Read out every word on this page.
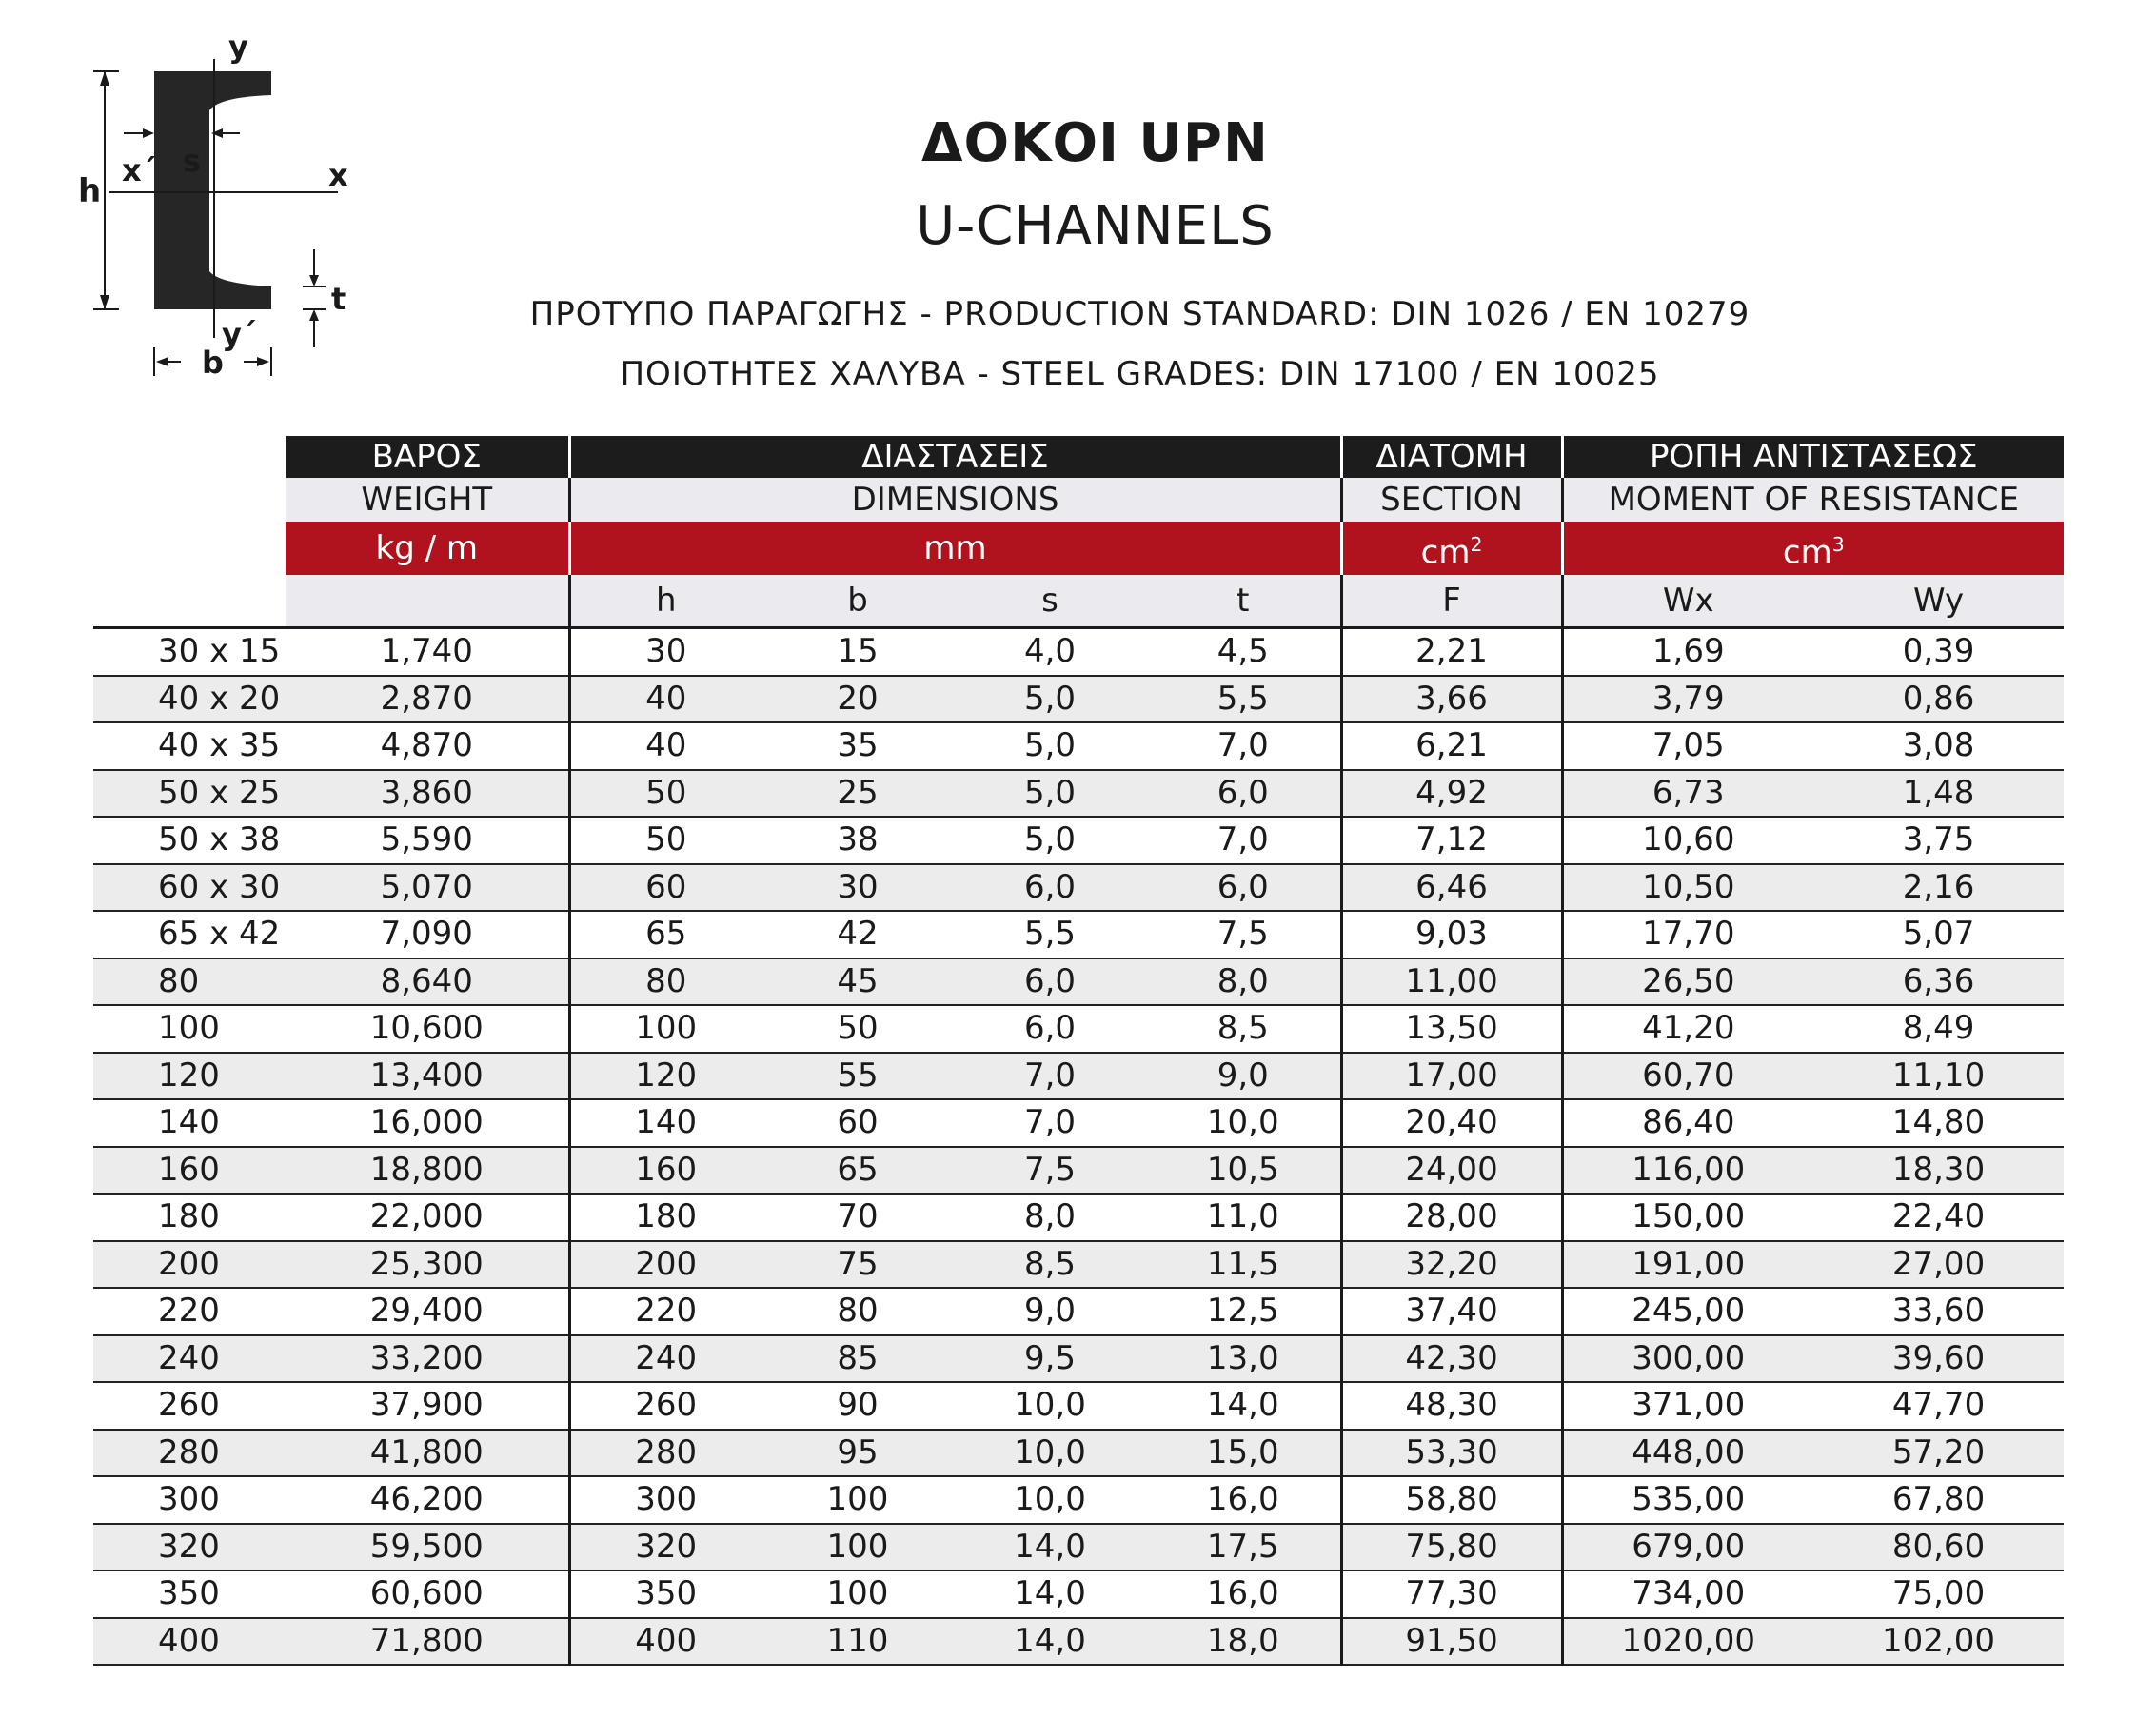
y
x´ s	x
h
t
y´
b
ΔΟΚΟΙ UPN
U-CHANNELS
ΠΡΟΤΥΠΟ ΠΑΡΑΓΩΓΗΣ - PRODUCTION STANDARD: DIN 1026 / EN 10279
ΠΟΙΟΤΗΤΕΣ ΧΑΛΥΒΑ - STEEL GRADES: DIN 17100 / EN 10025
	ΒΑΡΟΣ	ΔΙΑΣΤΑΣΕΙΣ				ΔΙΑΤΟΜΗ	ΡΟΠΗ ΑΝΤΙΣΤΑΣΕΩΣ	
	WEIGHT	DIMENSIONS				SECTION	MOMENT OF RESISTANCE	
	kg / m	mm				$cm^2$	$cm^3$
		h	b	s	t	F	Wx	Wy
30 x 15	1,740	30	15	4,0	4,5	2,21	1,69	0,39
40 x 20	2,870	40	20	5,0	5,5	3,66	3,79	0,86
40 x 35	4,870	40	35	5,0	7,0	6,21	7,05	3,08
50 x 25	3,860	50	25	5,0	6,0	4,92	6,73	1,48
50 x 38	5,590	50	38	5,0	7,0	7,12	10,60	3,75
60 x 30	5,070	60	30	6,0	6,0	6,46	10,50	2,16
65 x 42	7,090	65	42	5,5	7,5	9,03	17,70	5,07
80	8,640	80	45	6,0	8,0	11,00	26,50	6,36
100	10,600	100	50	6,0	8,5	13,50	41,20	8,49
120	13,400	120	55	7,0	9,0	17,00	60,70	11,10
140	16,000	140	60	7,0	10,0	20,40	86,40	14,80
160	18,800	160	65	7,5	10,5	24,00	116,00	18,30
180	22,000	180	70	8,0	11,0	28,00	150,00	22,40
200	25,300	200	75	8,5	11,5	32,20	191,00	27,00
220	29,400	220	80	9,0	12,5	37,40	245,00	33,60
240	33,200	240	85	9,5	13,0	42,30	300,00	39,60
260	37,900	260	90	10,0	14,0	48,30	371,00	47,70
280	41,800	280	95	10,0	15,0	53,30	448,00	57,20
300	46,200	300	100	10,0	16,0	58,80	535,00	67,80
320	59,500	320	100	14,0	17,5	75,80	679,00	80,60
350	60,600	350	100	14,0	16,0	77,30	734,00	75,00
400	71,800	400	110	14,0	18,0	91,50	1020,00	102,00
